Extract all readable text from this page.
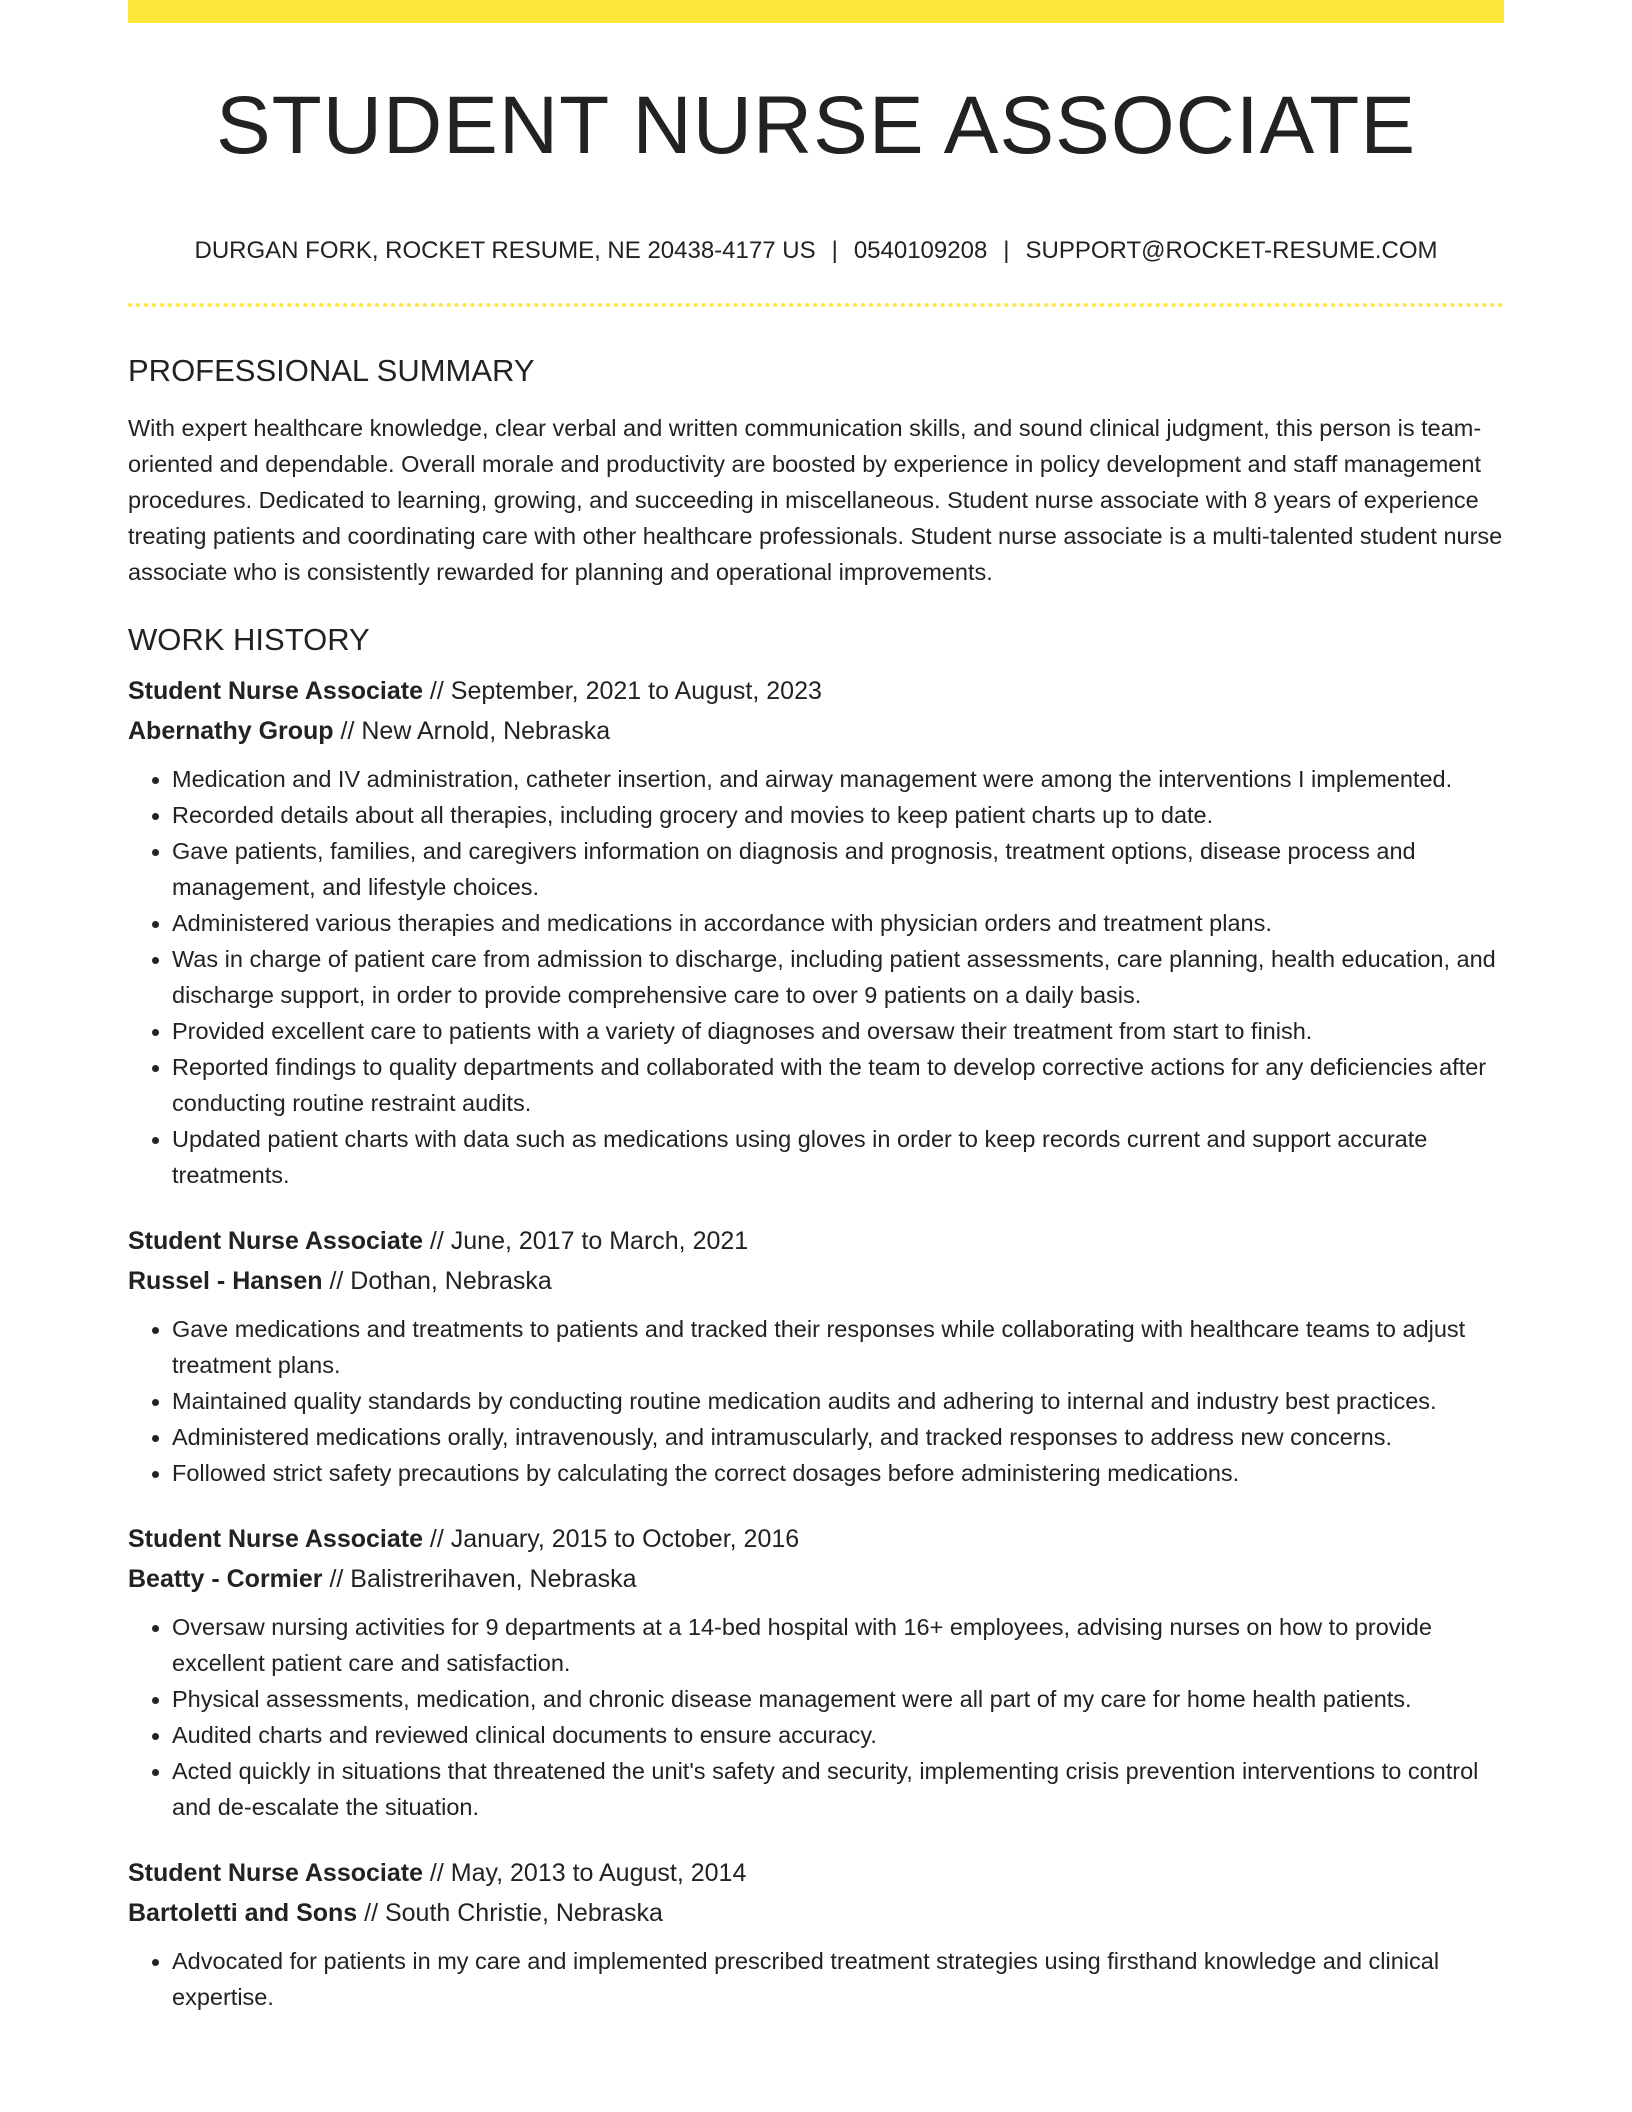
STUDENT NURSE ASSOCIATE
DURGAN FORK, ROCKET RESUME, NE 20438-4177 US | 0540109208 | SUPPORT@ROCKET-RESUME.COM
PROFESSIONAL SUMMARY

With expert healthcare knowledge, clear verbal and written communication skills, and sound clinical judgment, this person is team-oriented and dependable. Overall morale and productivity are boosted by experience in policy development and staff management procedures. Dedicated to learning, growing, and succeeding in miscellaneous. Student nurse associate with 8 years of experience treating patients and coordinating care with other healthcare professionals. Student nurse associate is a multi-talented student nurse associate who is consistently rewarded for planning and operational improvements.

WORK HISTORY
Student Nurse Associate // September, 2021 to August, 2023
Abernathy Group // New Arnold, Nebraska
• Medication and IV administration, catheter insertion, and airway management were among the interventions I implemented.
• Recorded details about all therapies, including grocery and movies to keep patient charts up to date.
• Gave patients, families, and caregivers information on diagnosis and prognosis, treatment options, disease process and management, and lifestyle choices.
• Administered various therapies and medications in accordance with physician orders and treatment plans.
• Was in charge of patient care from admission to discharge, including patient assessments, care planning, health education, and discharge support, in order to provide comprehensive care to over 9 patients on a daily basis.
• Provided excellent care to patients with a variety of diagnoses and oversaw their treatment from start to finish.
• Reported findings to quality departments and collaborated with the team to develop corrective actions for any deficiencies after conducting routine restraint audits.
• Updated patient charts with data such as medications using gloves in order to keep records current and support accurate treatments.
Student Nurse Associate // June, 2017 to March, 2021
Russel - Hansen // Dothan, Nebraska
• Gave medications and treatments to patients and tracked their responses while collaborating with healthcare teams to adjust treatment plans.
• Maintained quality standards by conducting routine medication audits and adhering to internal and industry best practices.
• Administered medications orally, intravenously, and intramuscularly, and tracked responses to address new concerns.
• Followed strict safety precautions by calculating the correct dosages before administering medications.
Student Nurse Associate // January, 2015 to October, 2016
Beatty - Cormier // Balistrerihaven, Nebraska
• Oversaw nursing activities for 9 departments at a 14-bed hospital with 16+ employees, advising nurses on how to provide excellent patient care and satisfaction.
• Physical assessments, medication, and chronic disease management were all part of my care for home health patients.
• Audited charts and reviewed clinical documents to ensure accuracy.
• Acted quickly in situations that threatened the unit's safety and security, implementing crisis prevention interventions to control and de-escalate the situation.
Student Nurse Associate // May, 2013 to August, 2014
Bartoletti and Sons // South Christie, Nebraska
• Advocated for patients in my care and implemented prescribed treatment strategies using firsthand knowledge and clinical expertise.
